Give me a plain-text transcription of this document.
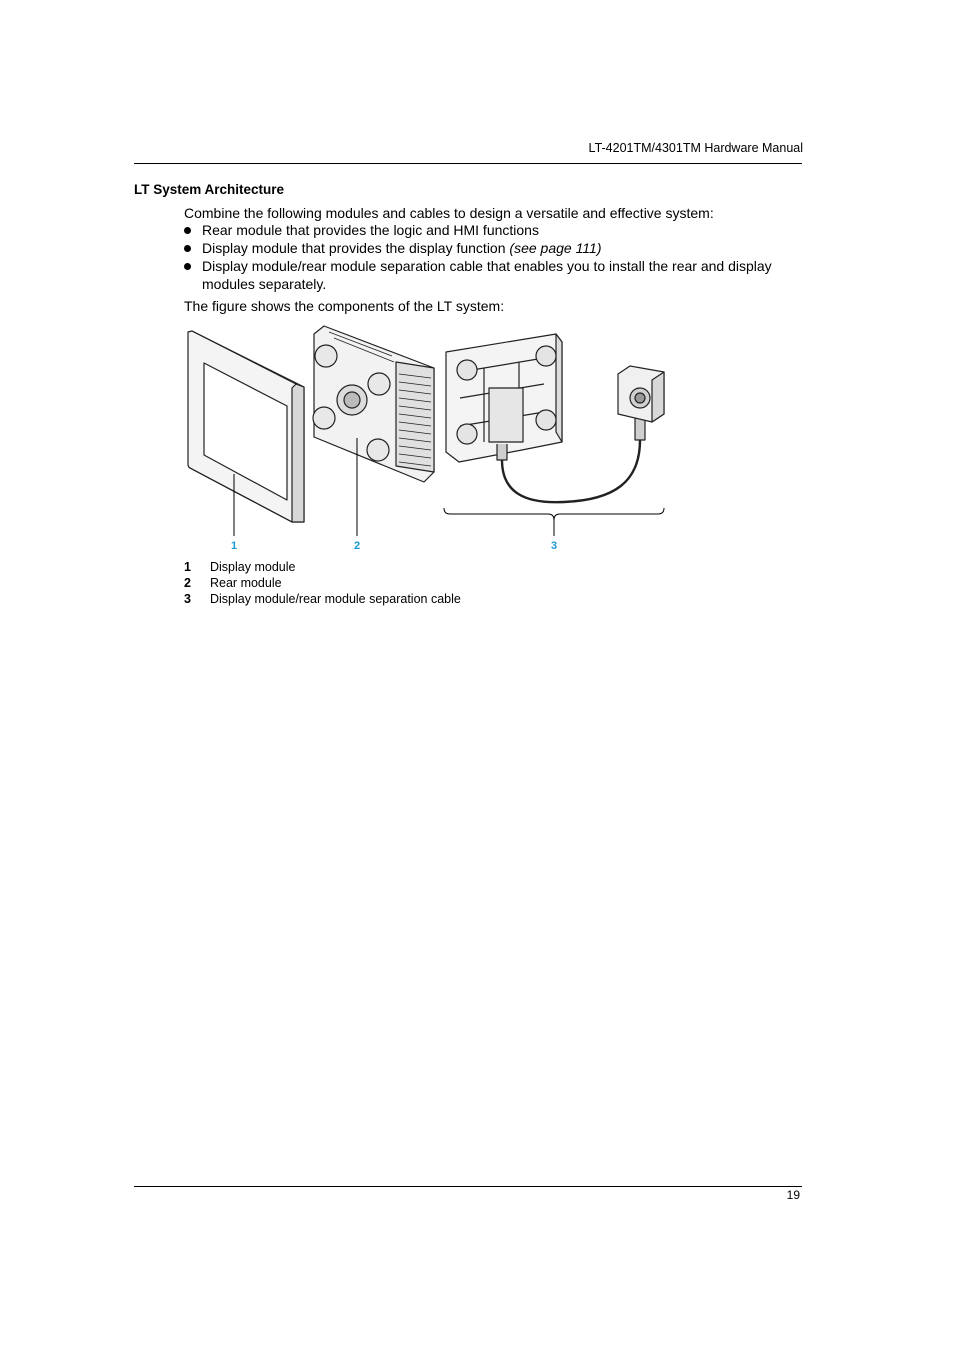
LT-4201TM/4301TM Hardware Manual
LT System Architecture
Combine the following modules and cables to design a versatile and effective system:
Rear module that provides the logic and HMI functions
Display module that provides the display function (see page 111)
Display module/rear module separation cable that enables you to install the rear and display modules separately.
The figure shows the components of the LT system:
1	2	3
1	Display module
2	Rear module
3	Display module/rear module separation cable
19
